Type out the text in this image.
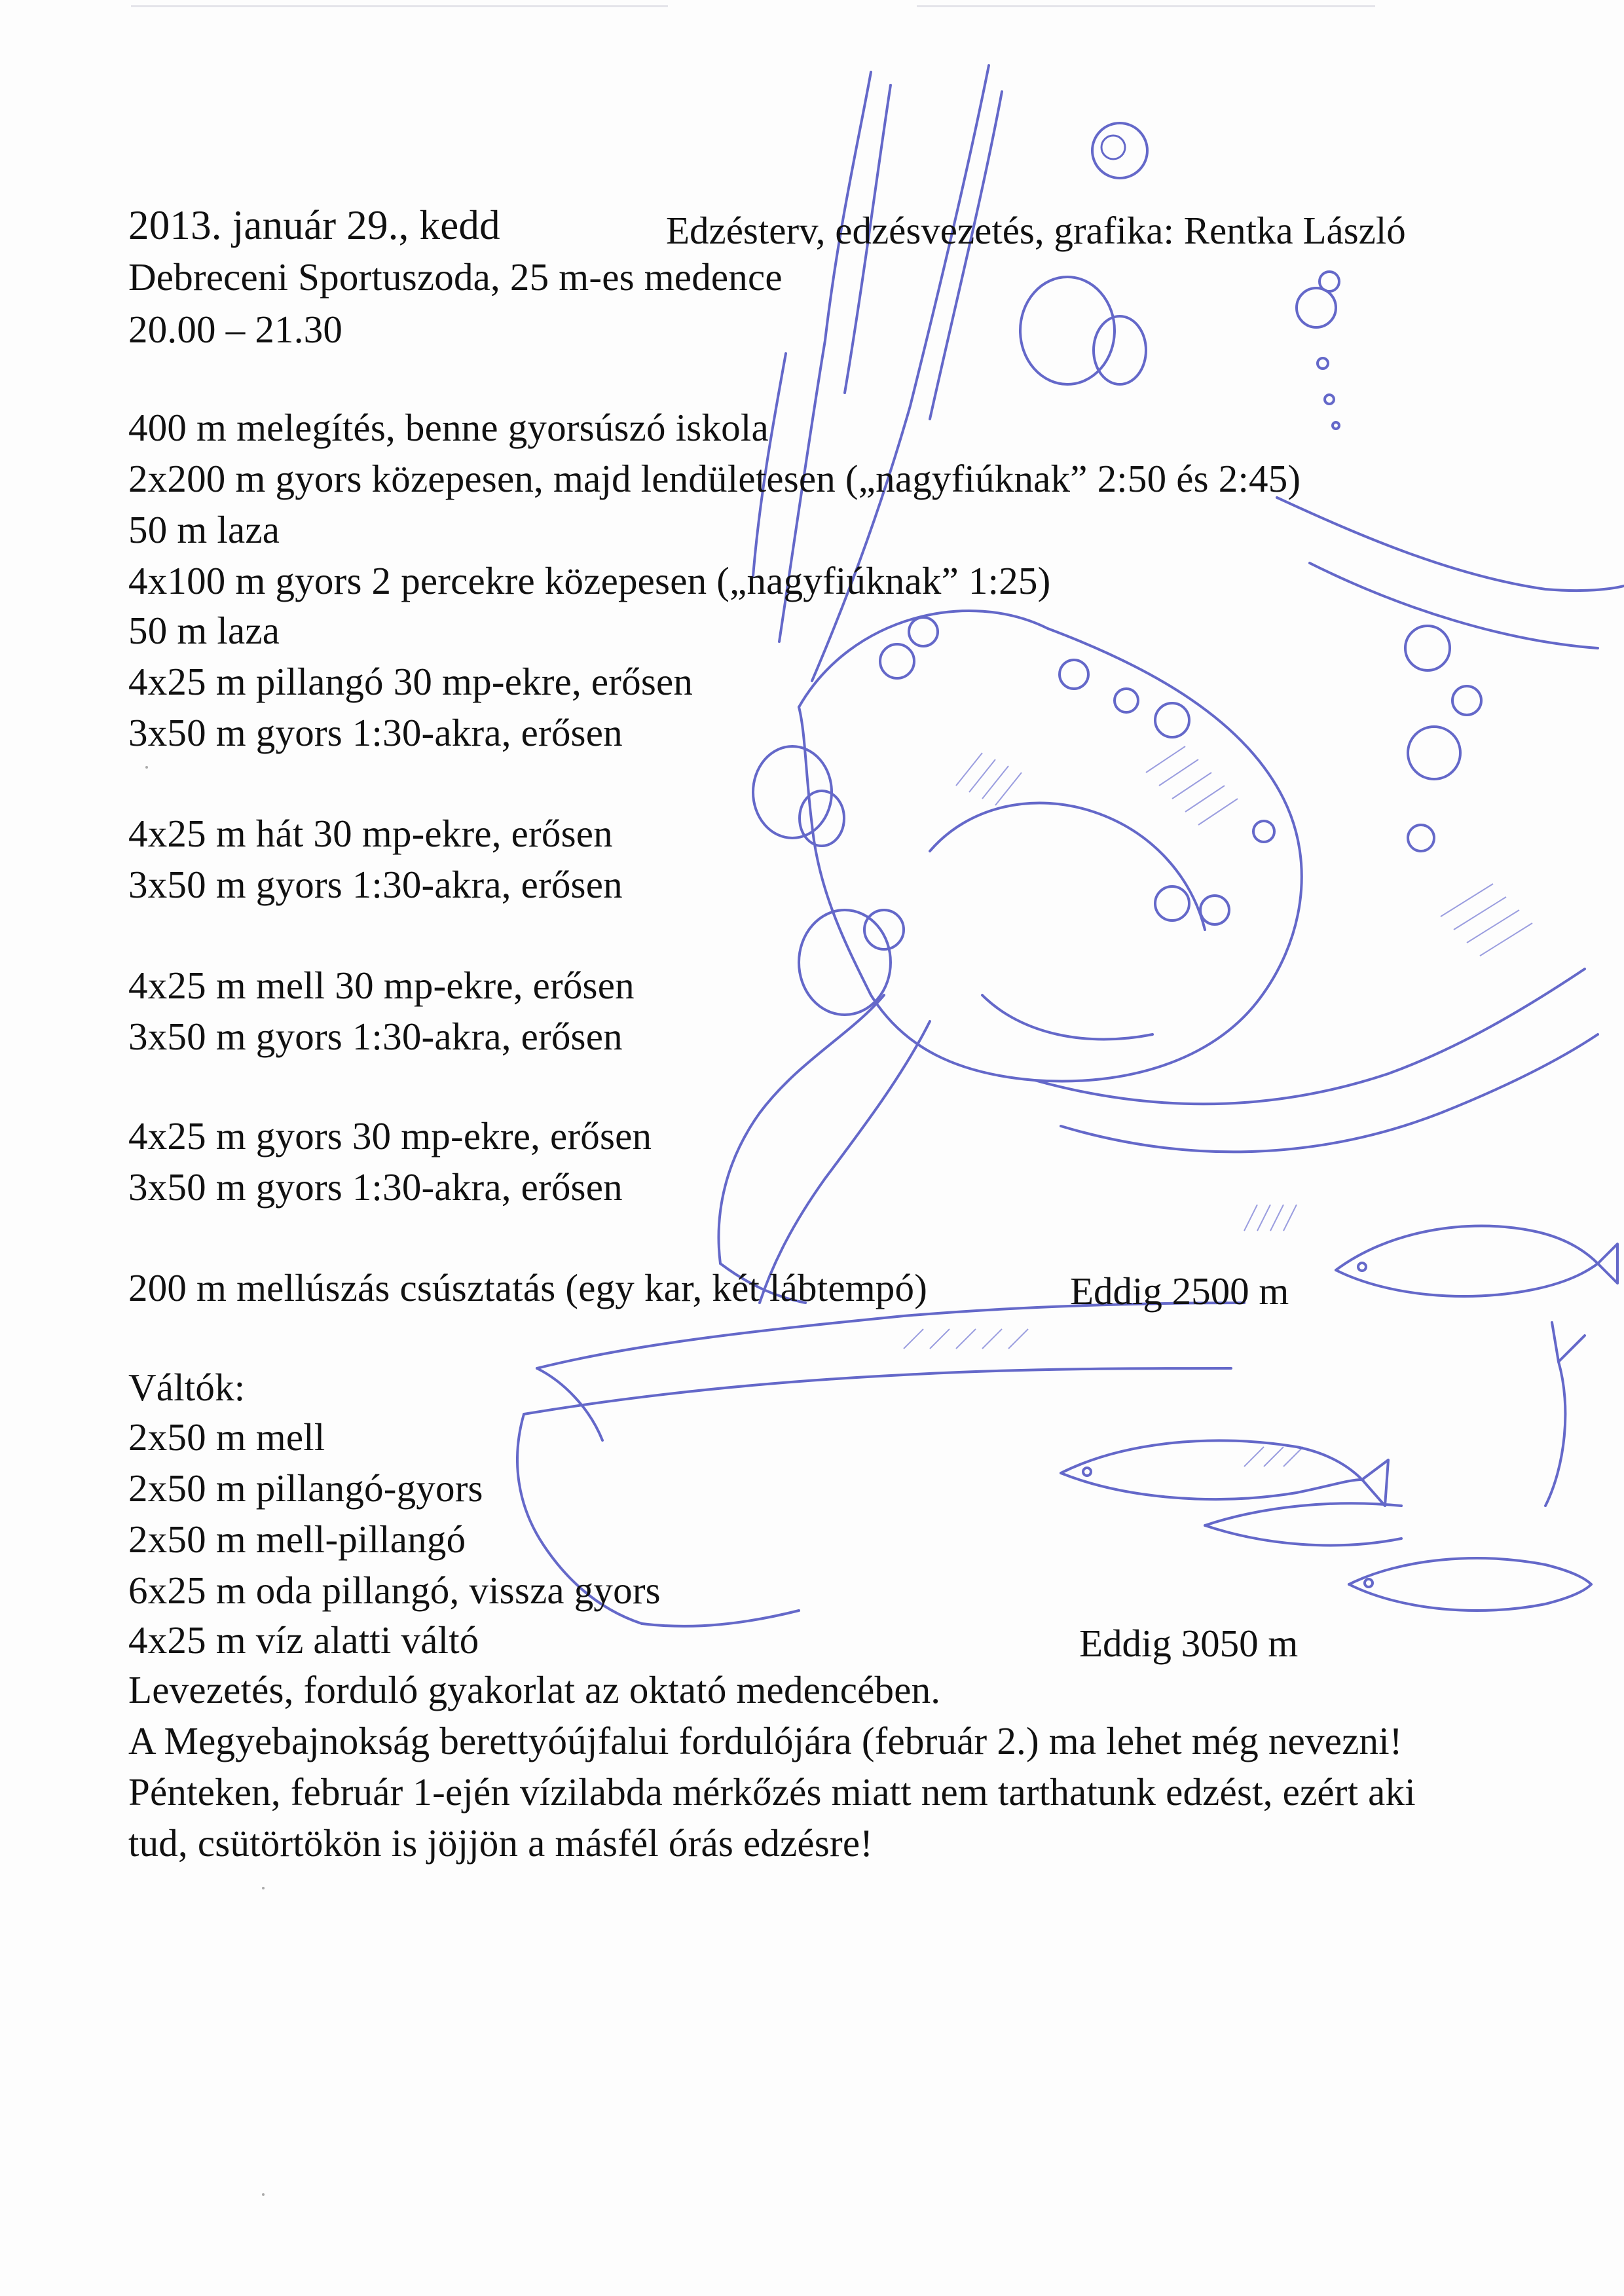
2013. január 29., kedd	Edzésterv, edzésvezetés, grafika: Rentka László
Debreceni Sportuszoda, 25 m-es medence
20.00 – 21.30
400 m melegítés, benne gyorsúszó iskola
2x200 m gyors közepesen, majd lendületesen („nagyfiúknak” 2:50 és 2:45)
50 m laza
4x100 m gyors 2 percekre közepesen („nagyfiúknak” 1:25)
50 m laza
4x25 m pillangó 30 mp-ekre, erősen
3x50 m gyors 1:30-akra, erősen
4x25 m hát 30 mp-ekre, erősen
3x50 m gyors 1:30-akra, erősen
4x25 m mell 30 mp-ekre, erősen
3x50 m gyors 1:30-akra, erősen
4x25 m gyors 30 mp-ekre, erősen
3x50 m gyors 1:30-akra, erősen
200 m mellúszás csúsztatás (egy kar, két lábtempó)	Eddig 2500 m
Váltók:
2x50 m mell
2x50 m pillangó-gyors
2x50 m mell-pillangó
6x25 m oda pillangó, vissza gyors
4x25 m víz alatti váltó	Eddig 3050 m
Levezetés, forduló gyakorlat az oktató medencében.
A Megyebajnokság berettyóújfalui fordulójára (február 2.) ma lehet még nevezni!
Pénteken, február 1-ején vízilabda mérkőzés miatt nem tarthatunk edzést, ezért aki
tud, csütörtökön is jöjjön a másfél órás edzésre!
